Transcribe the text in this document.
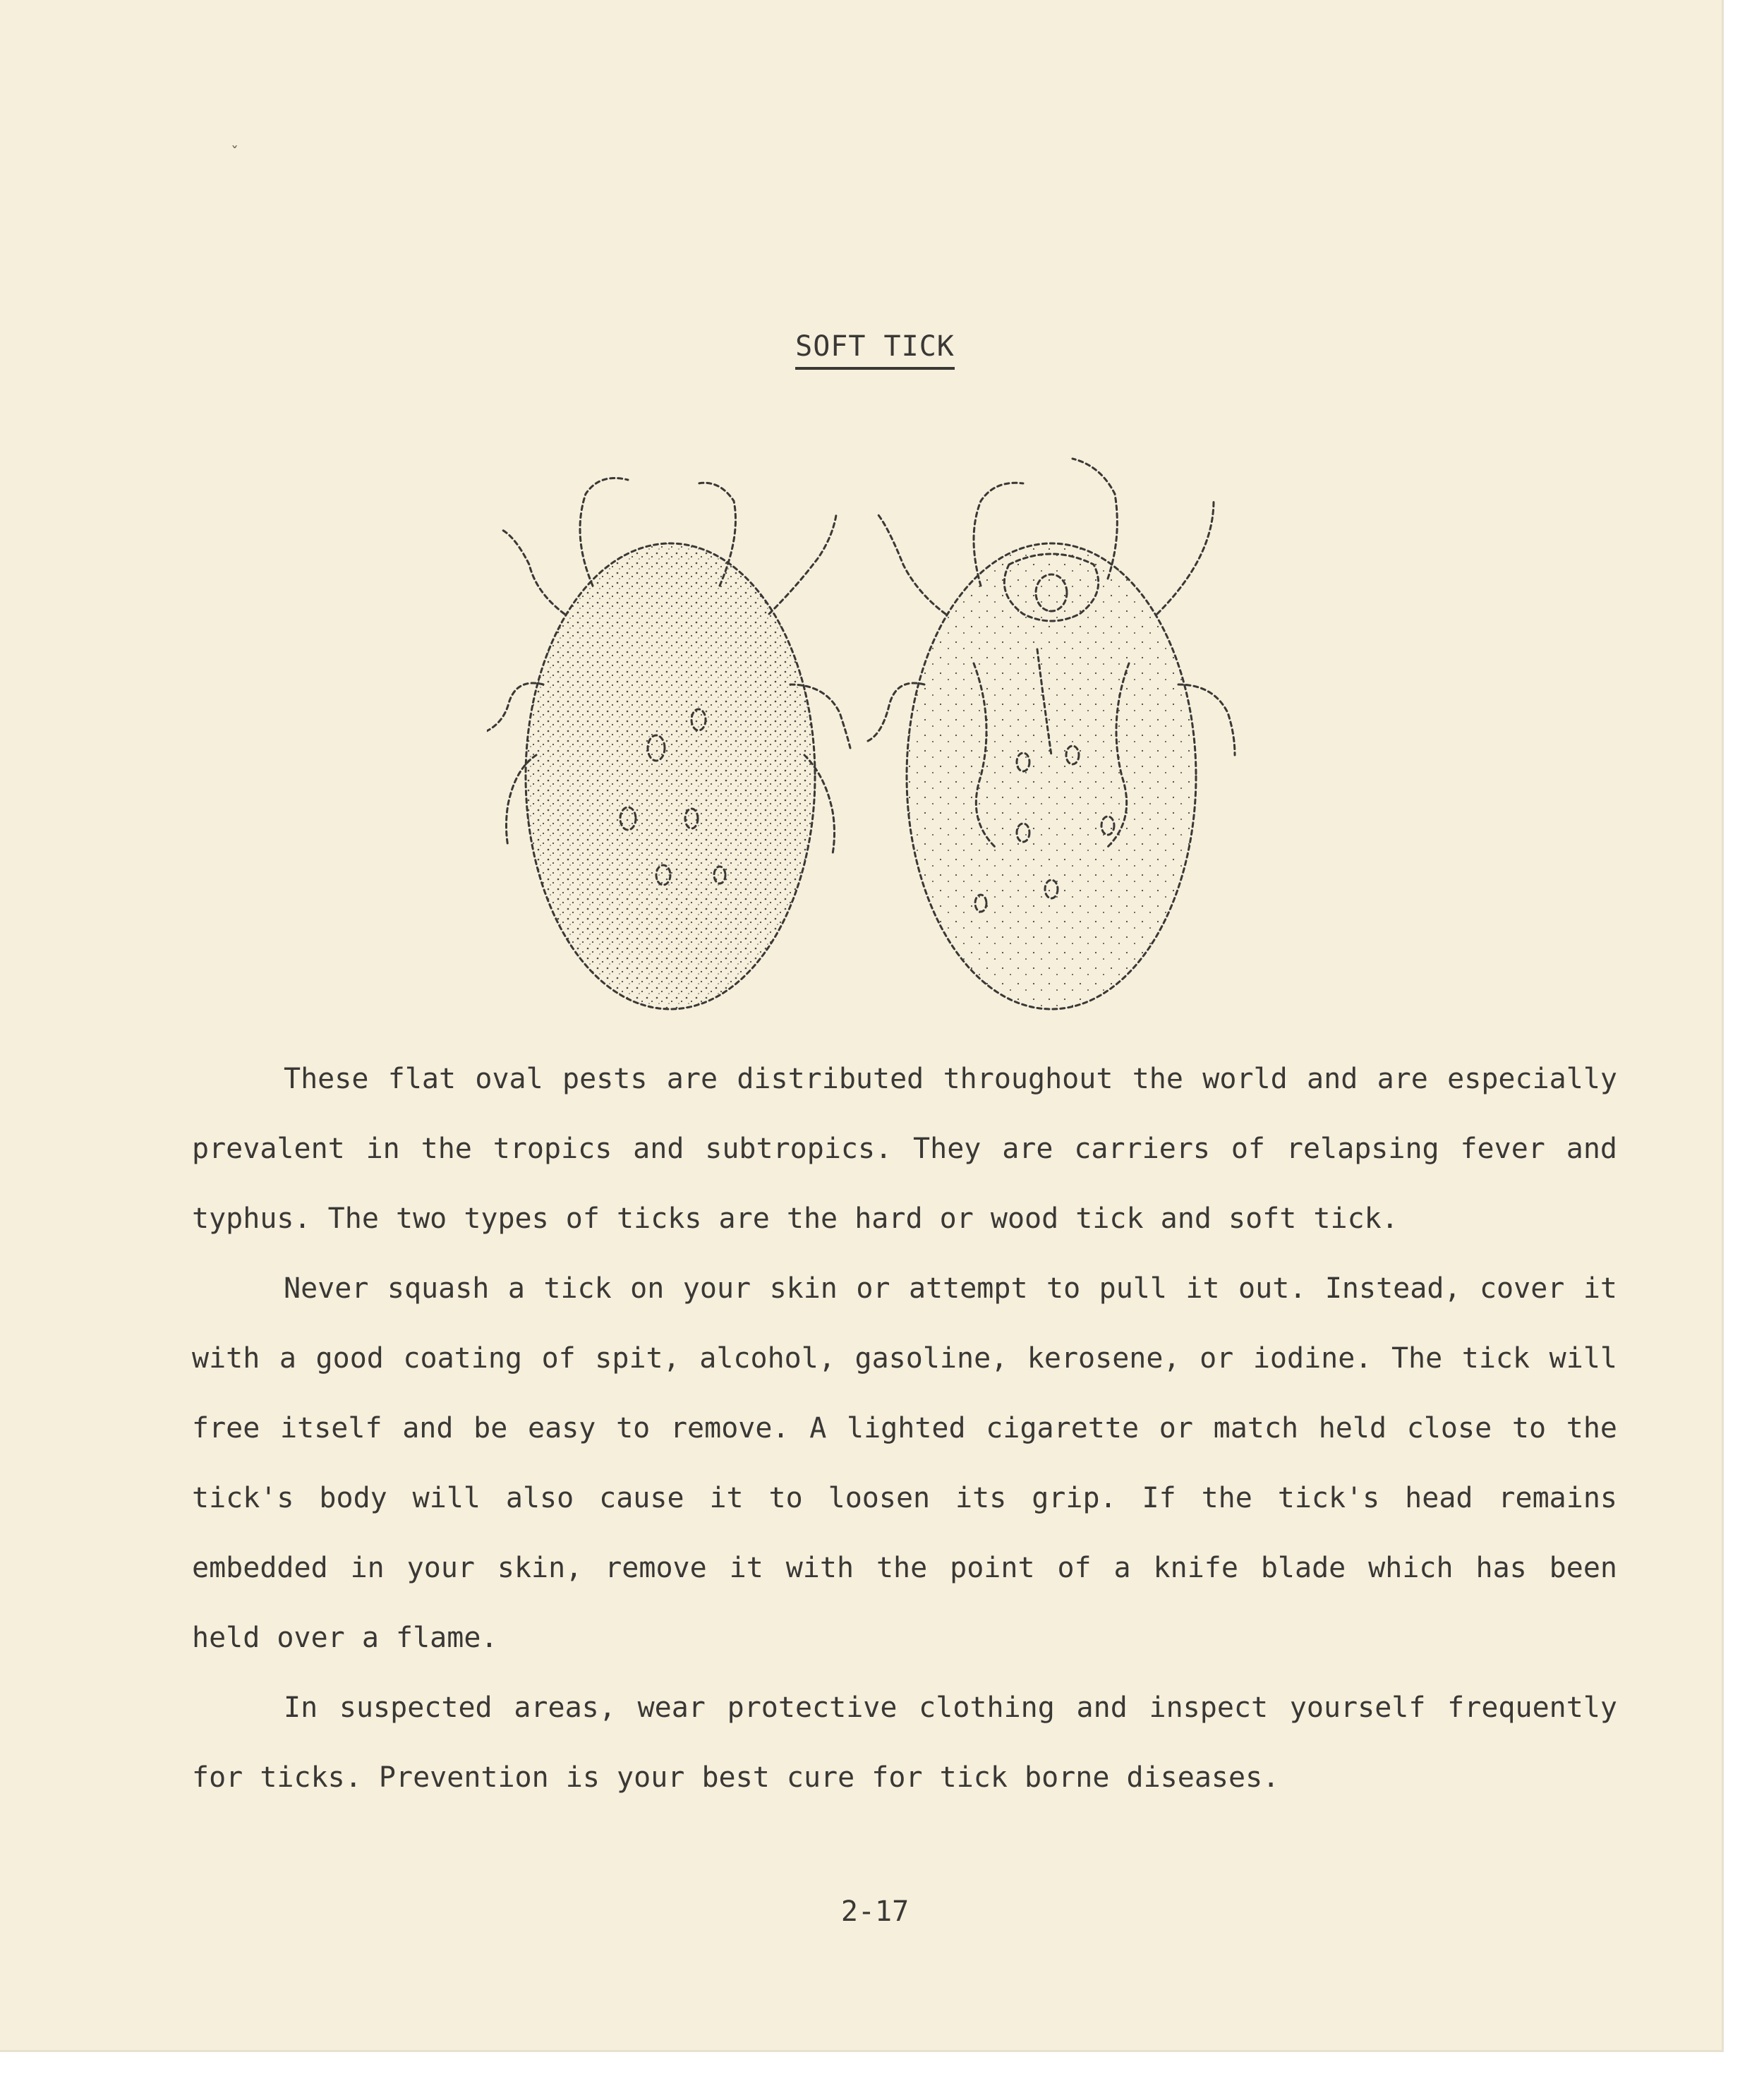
ˇ
SOFT TICK

These flat oval pests are distributed throughout the world and are especially prevalent in the tropics and subtropics. They are carriers of relapsing fever and typhus. The two types of ticks are the hard or wood tick and soft tick.

Never squash a tick on your skin or attempt to pull it out. Instead, cover it with a good coating of spit, alcohol, gasoline, kerosene, or iodine. The tick will free itself and be easy to remove. A lighted cigarette or match held close to the tick's body will also cause it to loosen its grip. If the tick's head remains embedded in your skin, remove it with the point of a knife blade which has been held over a flame.

In suspected areas, wear protective clothing and inspect yourself frequently for ticks. Prevention is your best cure for tick borne diseases.

2-17
